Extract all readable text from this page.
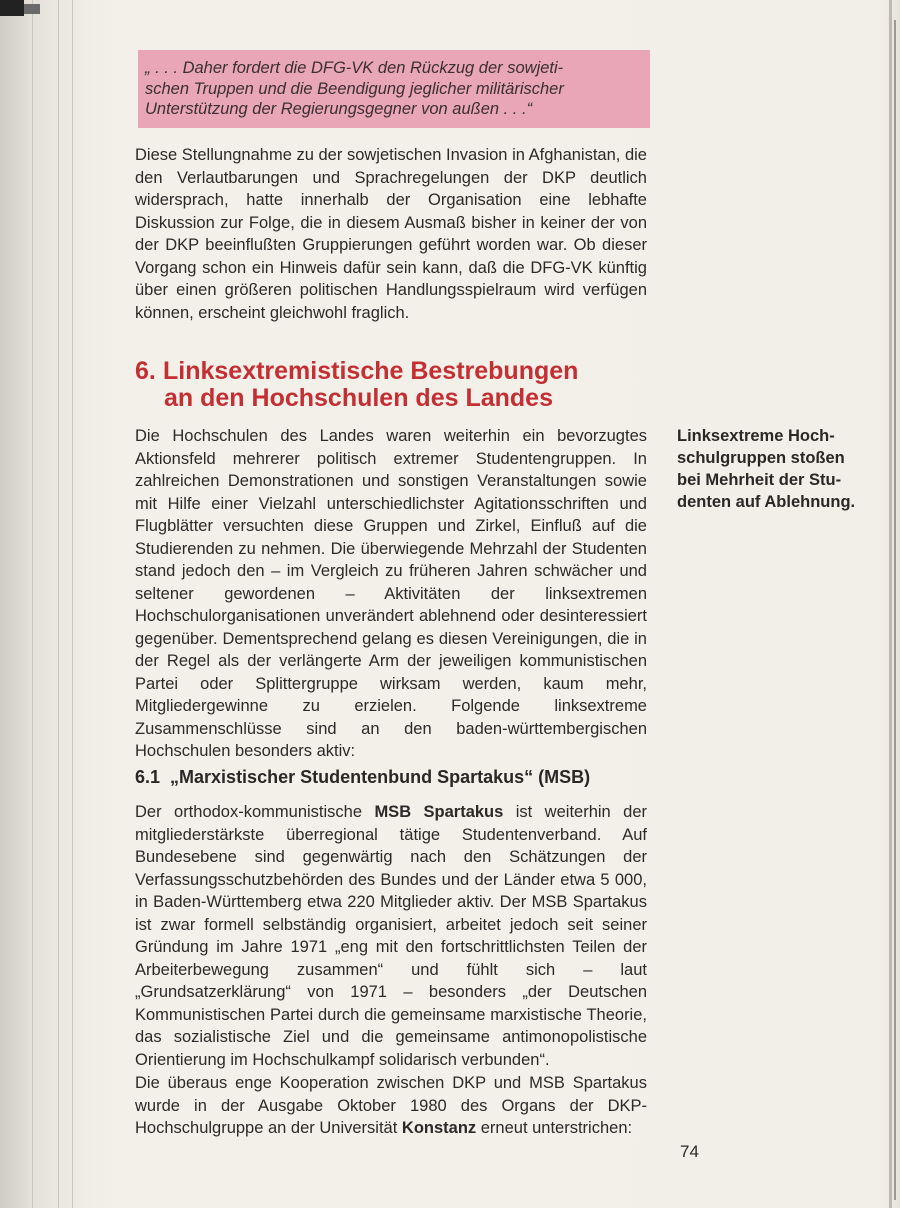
„ . . . Daher fordert die DFG-VK den Rückzug der sowjeti-
schen Truppen und die Beendigung jeglicher militärischer
Unterstützung der Regierungsgegner von außen . . .“
Diese Stellungnahme zu der sowjetischen Invasion in Afghanistan, die den Verlautbarungen und Sprachregelungen der DKP deutlich widersprach, hatte innerhalb der Organisation eine lebhafte Diskussion zur Folge, die in diesem Ausmaß bisher in keiner der von der DKP beeinflußten Gruppierungen geführt worden war. Ob dieser Vorgang schon ein Hinweis dafür sein kann, daß die DFG-VK künftig über einen größeren politischen Handlungsspielraum wird verfügen können, erscheint gleichwohl fraglich.
6. Linksextremistische Bestrebungen
an den Hochschulen des Landes
Die Hochschulen des Landes waren weiterhin ein bevorzugtes Aktionsfeld mehrerer politisch extremer Studentengruppen. In zahlreichen Demonstrationen und sonstigen Veranstaltungen sowie mit Hilfe einer Vielzahl unterschiedlichster Agitationsschriften und Flugblätter versuchten diese Gruppen und Zirkel, Einfluß auf die Studierenden zu nehmen. Die überwiegende Mehrzahl der Studenten stand jedoch den – im Vergleich zu früheren Jahren schwächer und seltener gewordenen – Aktivitäten der linksextremen Hochschulorganisationen unverändert ablehnend oder desinteressiert gegenüber. Dementsprechend gelang es diesen Vereinigungen, die in der Regel als der verlängerte Arm der jeweiligen kommunistischen Partei oder Splittergruppe wirksam werden, kaum mehr, Mitgliedergewinne zu erzielen. Folgende linksextreme Zusammenschlüsse sind an den baden-württembergischen Hochschulen besonders aktiv:
Linksextreme Hoch-
schulgruppen stoßen
bei Mehrheit der Stu-
denten auf Ablehnung.
6.1 „Marxistischer Studentenbund Spartakus“ (MSB)
Der orthodox-kommunistische MSB Spartakus ist weiterhin der mitgliederstärkste überregional tätige Studentenverband. Auf Bundesebene sind gegenwärtig nach den Schätzungen der Verfassungsschutzbehörden des Bundes und der Länder etwa 5 000, in Baden-Württemberg etwa 220 Mitglieder aktiv. Der MSB Spartakus ist zwar formell selbständig organisiert, arbeitet jedoch seit seiner Gründung im Jahre 1971 „eng mit den fortschrittlichsten Teilen der Arbeiterbewegung zusammen“ und fühlt sich – laut „Grundsatzerklärung“ von 1971 – besonders „der Deutschen Kommunistischen Partei durch die gemeinsame marxistische Theorie, das sozialistische Ziel und die gemeinsame antimonopolistische Orientierung im Hochschulkampf solidarisch verbunden“.
Die überaus enge Kooperation zwischen DKP und MSB Spartakus wurde in der Ausgabe Oktober 1980 des Organs der DKP-Hochschulgruppe an der Universität Konstanz erneut unterstrichen:
74
